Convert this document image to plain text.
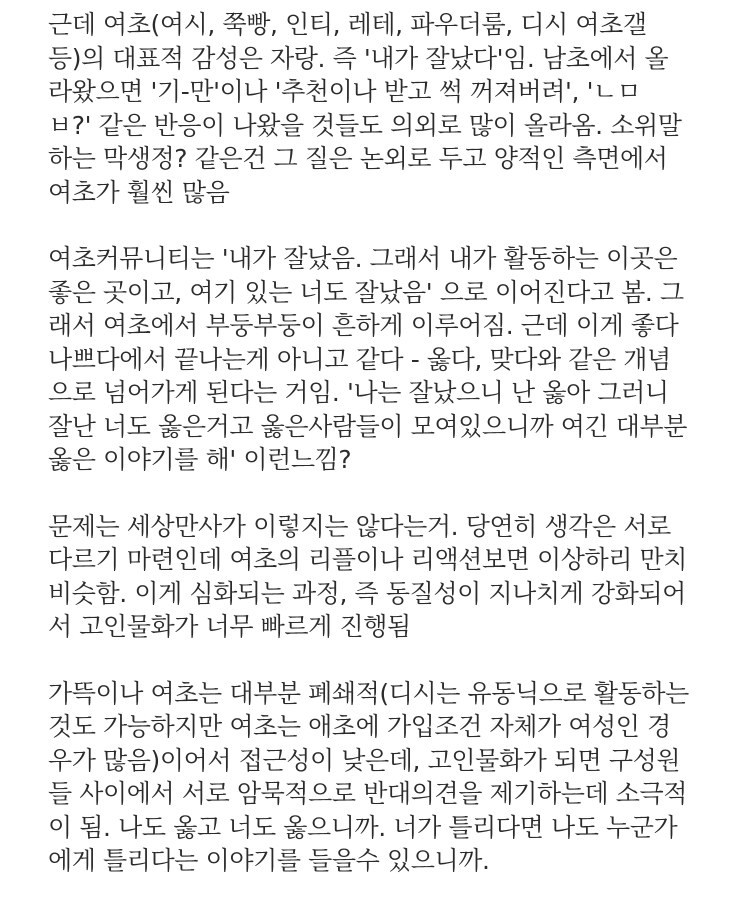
근데 여초(여시, 쭉빵, 인티, 레테, 파우더룸, 디시 여초갤
등)의 대표적 감성은 자랑. 즉 '내가 잘났다'임. 남초에서 올
라왔으면 '기-만'이나 '추천이나 받고 썩 꺼져버려', 'ㄴㅁ
ㅂ?' 같은 반응이 나왔을 것들도 의외로 많이 올라옴. 소위말
하는 막생정? 같은건 그 질은 논외로 두고 양적인 측면에서
여초가 훨씬 많음
여초커뮤니티는 '내가 잘났음. 그래서 내가 활동하는 이곳은
좋은 곳이고, 여기 있는 너도 잘났음' 으로 이어진다고 봄. 그
래서 여초에서 부둥부둥이 흔하게 이루어짐. 근데 이게 좋다
나쁘다에서 끝나는게 아니고 같다 - 옳다, 맞다와 같은 개념
으로 넘어가게 된다는 거임. '나는 잘났으니 난 옳아 그러니
잘난 너도 옳은거고 옳은사람들이 모여있으니까 여긴 대부분
옳은 이야기를 해' 이런느낌?
문제는 세상만사가 이렇지는 않다는거. 당연히 생각은 서로
다르기 마련인데 여초의 리플이나 리액션보면 이상하리 만치
비슷함. 이게 심화되는 과정, 즉 동질성이 지나치게 강화되어
서 고인물화가 너무 빠르게 진행됨
가뜩이나 여초는 대부분 폐쇄적(디시는 유동닉으로 활동하는
것도 가능하지만 여초는 애초에 가입조건 자체가 여성인 경
우가 많음)이어서 접근성이 낮은데, 고인물화가 되면 구성원
들 사이에서 서로 암묵적으로 반대의견을 제기하는데 소극적
이 됨. 나도 옳고 너도 옳으니까. 너가 틀리다면 나도 누군가
에게 틀리다는 이야기를 들을수 있으니까.
